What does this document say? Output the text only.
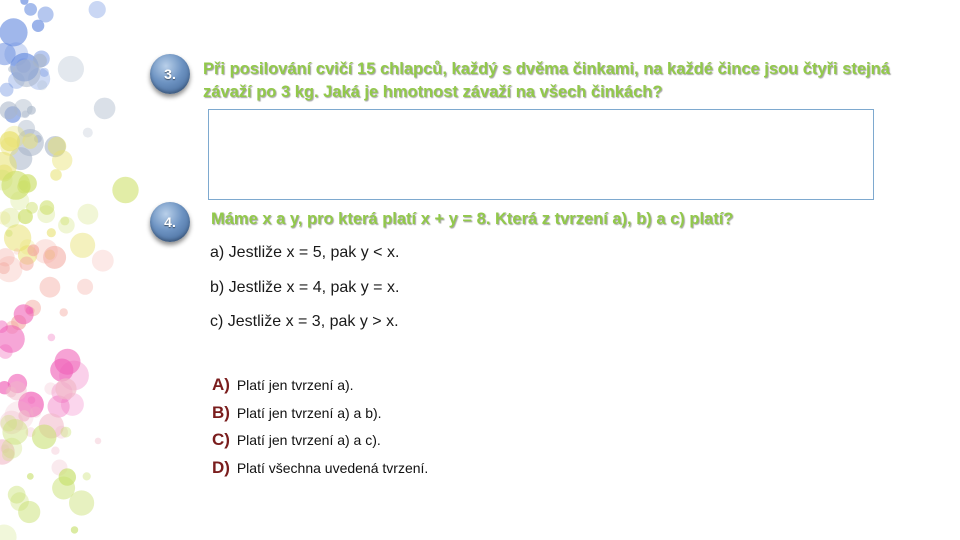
3. Při posilování cvičí 15 chlapců, každý s dvěma činkami, na každé čince jsou čtyři stejná závaží po 3 kg. Jaká je hmotnost závaží na všech činkách?
4. Máme x a y, pro která platí x + y = 8. Která z tvrzení a), b) a c) platí?
a) Jestliže x = 5, pak y < x.
b) Jestliže x = 4, pak y = x.
c) Jestliže x = 3, pak y > x.
A) Platí jen tvrzení a).
B) Platí jen tvrzení a) a b).
C) Platí jen tvrzení a) a c).
D) Platí všechna uvedená tvrzení.
